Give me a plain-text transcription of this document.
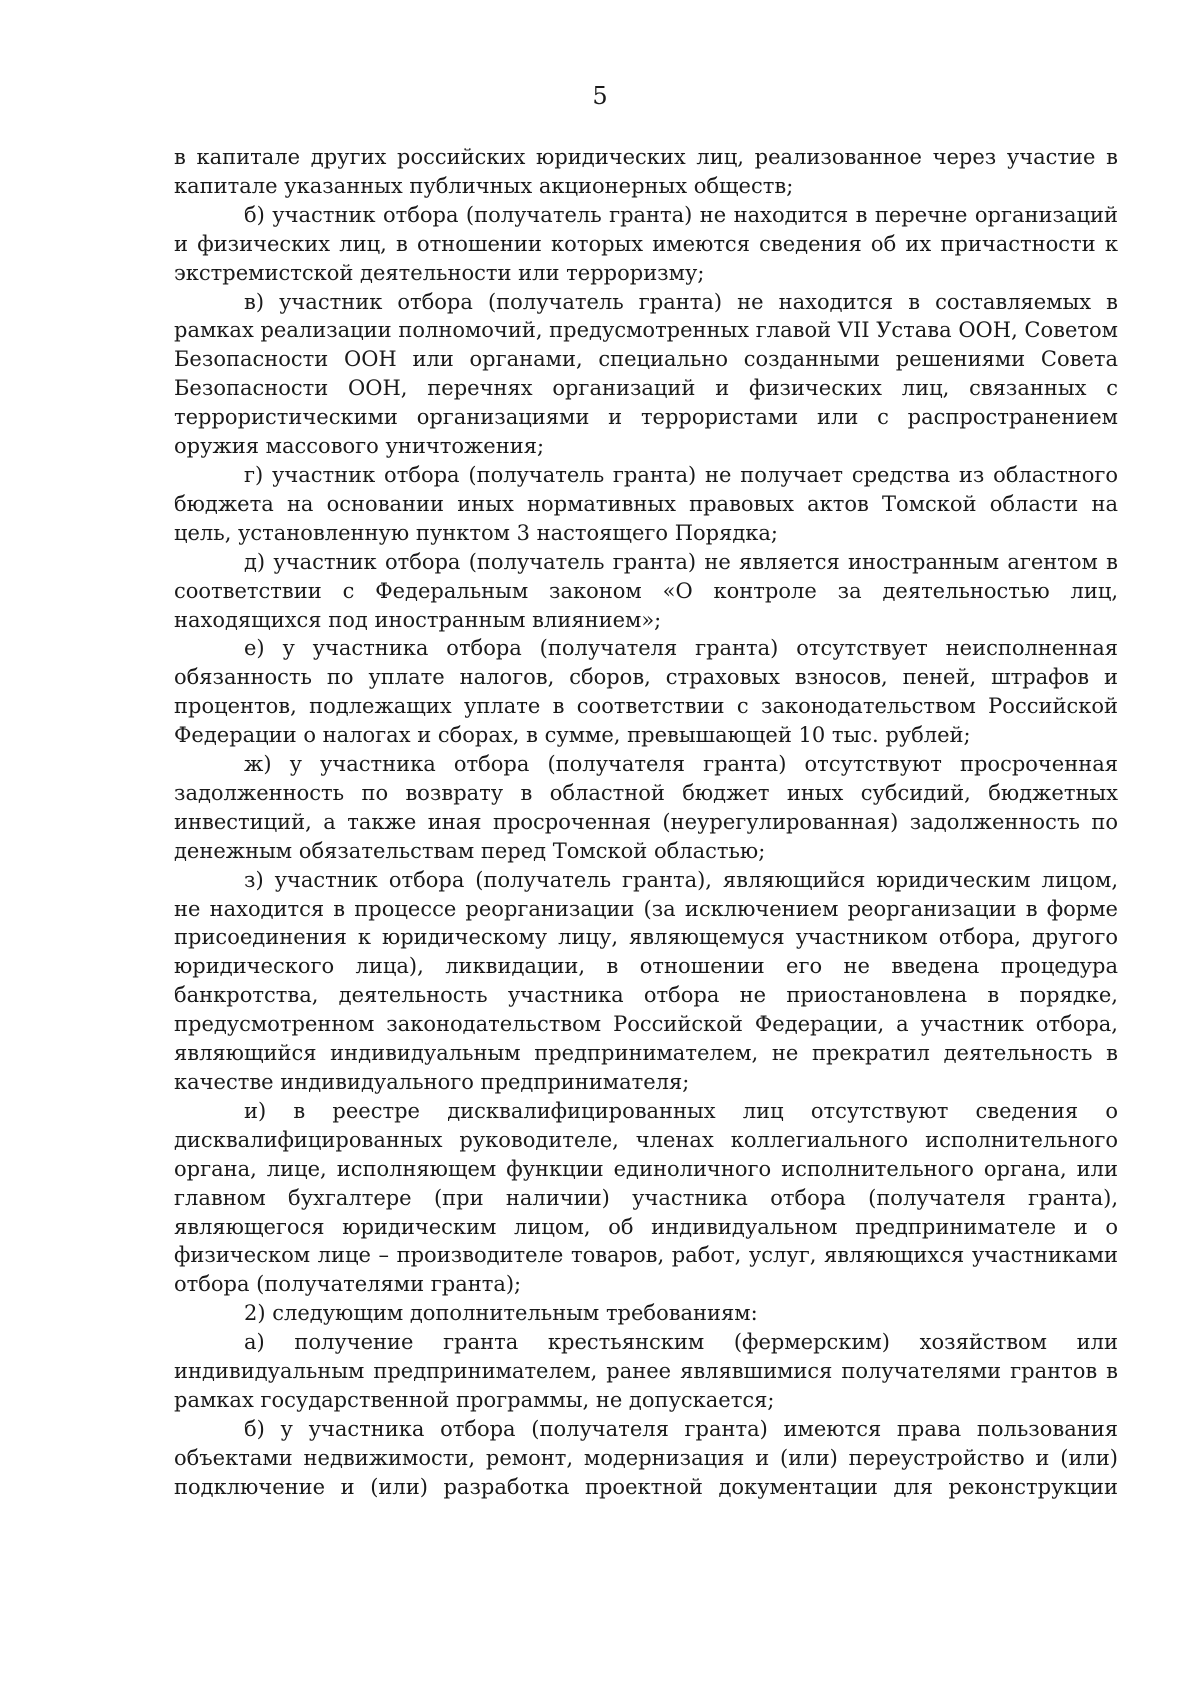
5

в капитале других российских юридических лиц, реализованное через участие в капитале указанных публичных акционерных обществ;

б) участник отбора (получатель гранта) не находится в перечне организаций и физических лиц, в отношении которых имеются сведения об их причастности к экстремистской деятельности или терроризму;

в) участник отбора (получатель гранта) не находится в составляемых в рамках реализации полномочий, предусмотренных главой VII Устава ООН, Советом Безопасности ООН или органами, специально созданными решениями Совета Безопасности ООН, перечнях организаций и физических лиц, связанных с террористическими организациями и террористами или с распространением оружия массового уничтожения;

г) участник отбора (получатель гранта) не получает средства из областного бюджета на основании иных нормативных правовых актов Томской области на цель, установленную пунктом 3 настоящего Порядка;

д) участник отбора (получатель гранта) не является иностранным агентом в соответствии с Федеральным законом «О контроле за деятельностью лиц, находящихся под иностранным влиянием»;

е) у участника отбора (получателя гранта) отсутствует неисполненная обязанность по уплате налогов, сборов, страховых взносов, пеней, штрафов и процентов, подлежащих уплате в соответствии с законодательством Российской Федерации о налогах и сборах, в сумме, превышающей 10 тыс. рублей;

ж) у участника отбора (получателя гранта) отсутствуют просроченная задолженность по возврату в областной бюджет иных субсидий, бюджетных инвестиций, а также иная просроченная (неурегулированная) задолженность по денежным обязательствам перед Томской областью;

з) участник отбора (получатель гранта), являющийся юридическим лицом, не находится в процессе реорганизации (за исключением реорганизации в форме присоединения к юридическому лицу, являющемуся участником отбора, другого юридического лица), ликвидации, в отношении его не введена процедура банкротства, деятельность участника отбора не приостановлена в порядке, предусмотренном законодательством Российской Федерации, а участник отбора, являющийся индивидуальным предпринимателем, не прекратил деятельность в качестве индивидуального предпринимателя;

и) в реестре дисквалифицированных лиц отсутствуют сведения о дисквалифицированных руководителе, членах коллегиального исполнительного органа, лице, исполняющем функции единоличного исполнительного органа, или главном бухгалтере (при наличии) участника отбора (получателя гранта), являющегося юридическим лицом, об индивидуальном предпринимателе и о физическом лице – производителе товаров, работ, услуг, являющихся участниками отбора (получателями гранта);

2) следующим дополнительным требованиям:

а) получение гранта крестьянским (фермерским) хозяйством или индивидуальным предпринимателем, ранее являвшимися получателями грантов в рамках государственной программы, не допускается;

б) у участника отбора (получателя гранта) имеются права пользования объектами недвижимости, ремонт, модернизация и (или) переустройство и (или) подключение и (или) разработка проектной документации для реконструкции
